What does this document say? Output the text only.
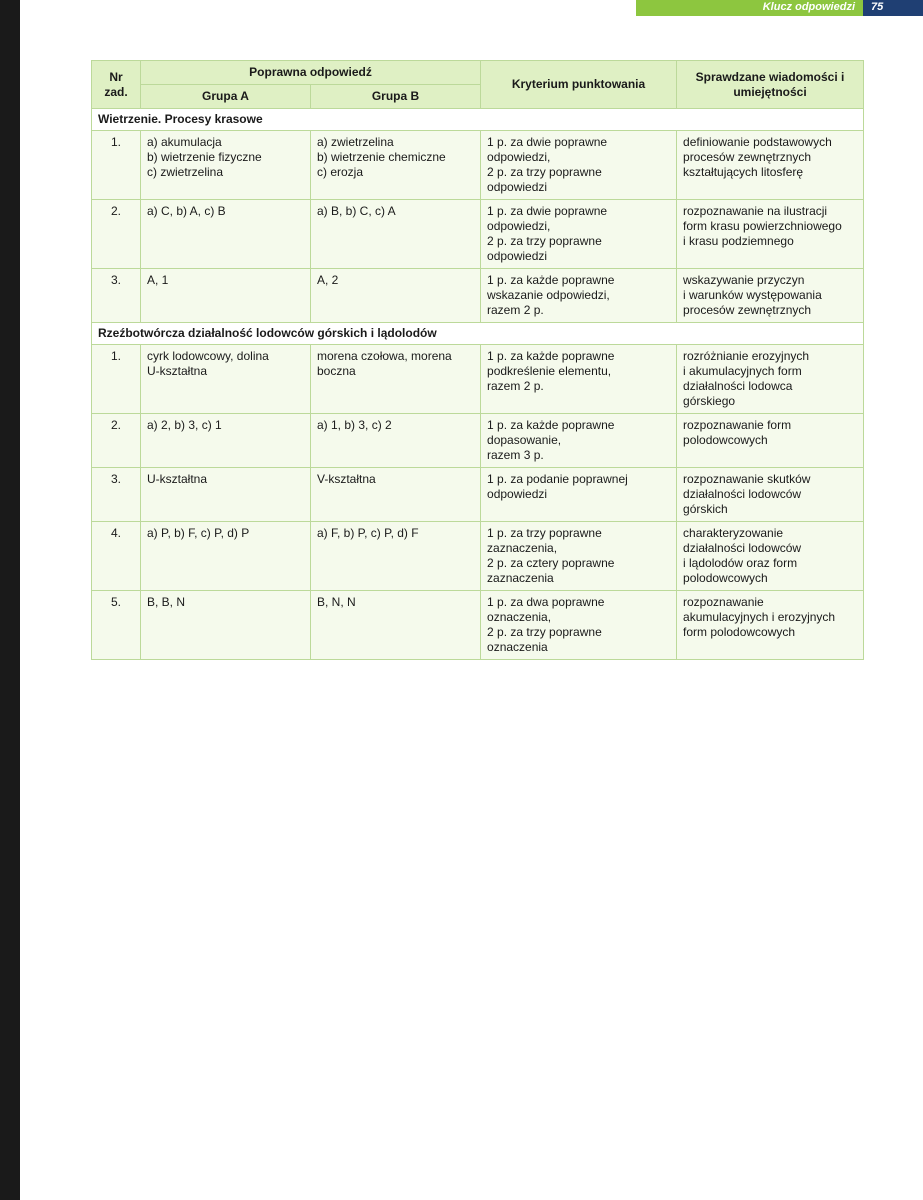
Klucz odpowiedzi 75
Nr
zad.	Poprawna odpowiedź		Kryterium punktowania	Sprawdzane wiadomości i
umiejętności

	Grupa A	Grupa B		
Wietrzenie. Procesy krasowe				
1.	a) akumulacja
b) wietrzenie fizyczne
c) zwietrzelina	a) zwietrzelina
b) wietrzenie chemiczne
c) erozja	1 p. za dwie poprawne
odpowiedzi,
2 p. za trzy poprawne
odpowiedzi	definiowanie podstawowych
procesów zewnętrznych
kształtujących litosferę

2.	a) C, b) A, c) B	a) B, b) C, c) A	1 p. za dwie poprawne
odpowiedzi,
2 p. za trzy poprawne
odpowiedzi	rozpoznawanie na ilustracji
form krasu powierzchniowego
i krasu podziemnego

3.	A, 1	A, 2	1 p. za każde poprawne
wskazanie odpowiedzi,
razem 2 p.	wskazywanie przyczyn
i warunków występowania
procesów zewnętrznych

Rzeźbotwórcza działalność lodowców górskich i lądolodów				
1.	cyrk lodowcowy, dolina
U-kształtna	morena czołowa, morena
boczna	1 p. za każde poprawne
podkreślenie elementu,
razem 2 p.	rozróżnianie erozyjnych
i akumulacyjnych form
działalności lodowca
górskiego

2.	a) 2, b) 3, c) 1	a) 1, b) 3, c) 2	1 p. za każde poprawne
dopasowanie,
razem 3 p.	rozpoznawanie form
polodowcowych

3.	U-kształtna	V-kształtna	1 p. za podanie poprawnej
odpowiedzi	rozpoznawanie skutków
działalności lodowców
górskich

4.	a) P, b) F, c) P, d) P	a) F, b) P, c) P, d) F	1 p. za trzy poprawne
zaznaczenia,
2 p. za cztery poprawne
zaznaczenia	charakteryzowanie
działalności lodowców
i lądolodów oraz form
polodowcowych

5.	B, B, N	B, N, N	1 p. za dwa poprawne
oznaczenia,
2 p. za trzy poprawne
oznaczenia	rozpoznawanie
akumulacyjnych i erozyjnych
form polodowcowych
